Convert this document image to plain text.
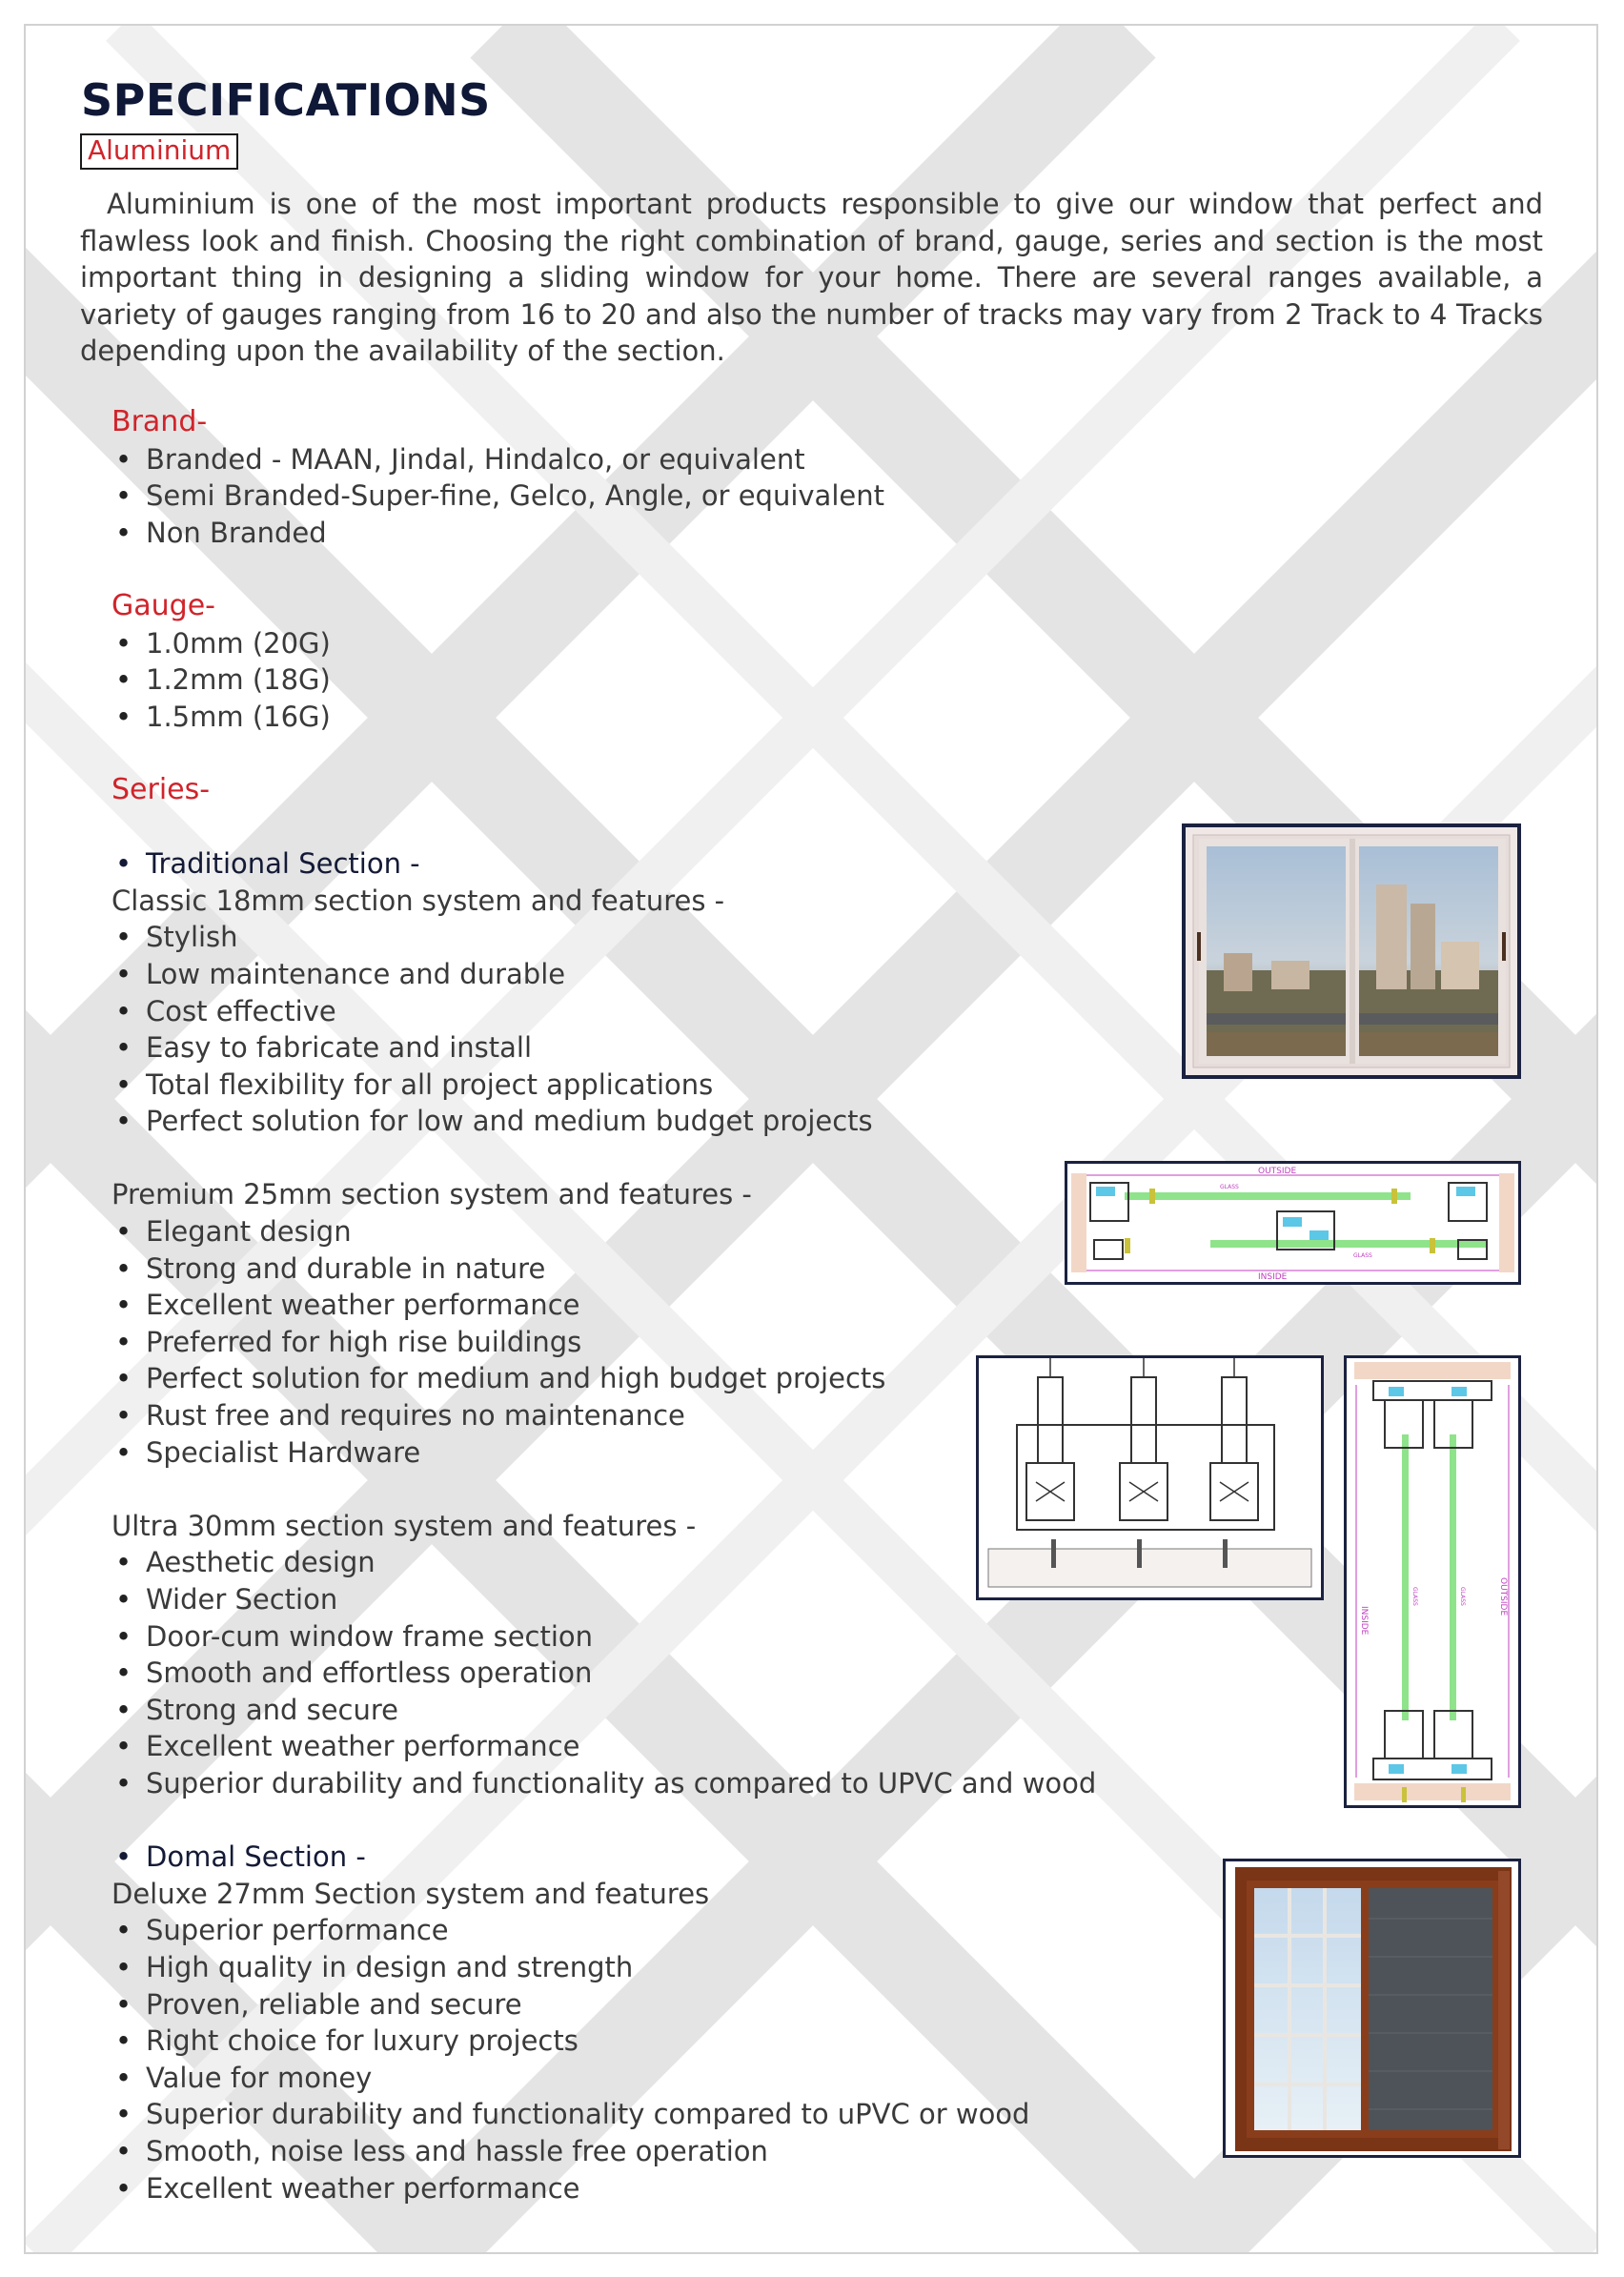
SPECIFICATIONS
Aluminium

Aluminium is one of the most important products responsible to give our window that perfect and flawless look and finish. Choosing the right combination of brand, gauge, series and section is the most important thing in designing a sliding window for your home. There are several ranges available, a variety of gauges ranging from 16 to 20 and also the number of tracks may vary from 2 Track to 4 Tracks depending upon the availability of the section.

Brand-
• Branded - MAAN, Jindal, Hindalco, or equivalent
• Semi Branded-Super-fine, Gelco, Angle, or equivalent
• Non Branded
Gauge-
• 1.0mm (20G)
• 1.2mm (18G)
• 1.5mm (16G)
Series-
• Traditional Section -
Classic 18mm section system and features -
• Stylish
• Low maintenance and durable
• Cost effective
• Easy to fabricate and install
• Total flexibility for all project applications
• Perfect solution for low and medium budget projects
Premium 25mm section system and features -
• Elegant design
• Strong and durable in nature
• Excellent weather performance
• Preferred for high rise buildings
• Perfect solution for medium and high budget projects
• Rust free and requires no maintenance
• Specialist Hardware
Ultra 30mm section system and features -
• Aesthetic design
• Wider Section
• Door-cum window frame section
• Smooth and effortless operation
• Strong and secure
• Excellent weather performance
• Superior durability and functionality as compared to UPVC and wood
• Domal Section -
Deluxe 27mm Section system and features
• Superior performance
• High quality in design and strength
• Proven, reliable and secure
• Right choice for luxury projects
• Value for money
• Superior durability and functionality compared to uPVC or wood
• Smooth, noise less and hassle free operation
• Excellent weather performance
OUTSIDE
INSIDE
GLASS
GLASS
INSIDE
OUTSIDE
GLASS	GLASS
